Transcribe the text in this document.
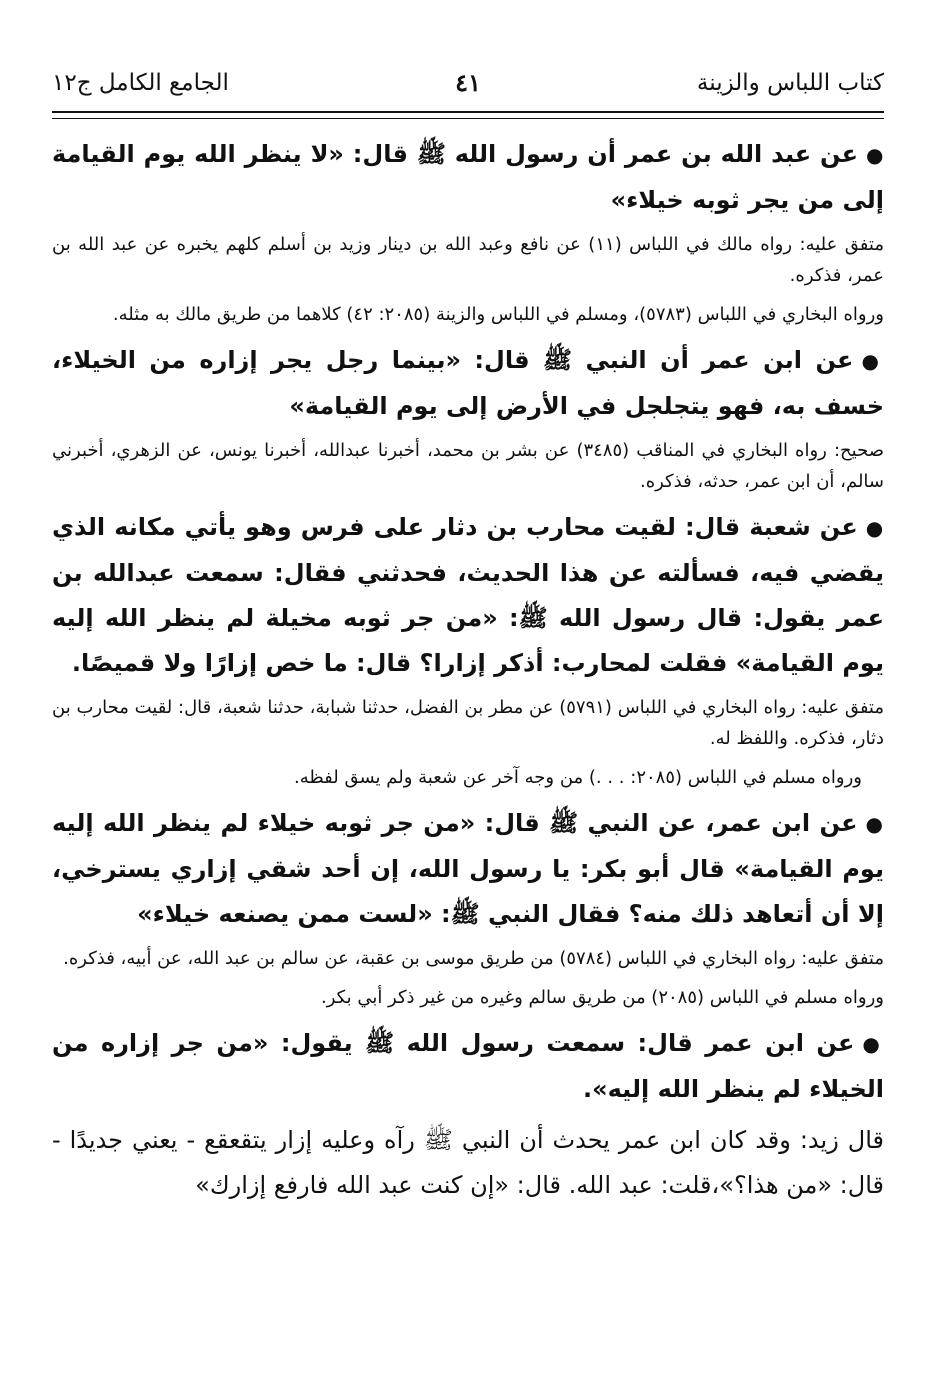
كتاب اللباس والزينة
٤١
الجامع الكامل ج١٢

●عن عبد الله بن عمر أن رسول الله ﷺ قال: «لا ينظر الله يوم القيامة إلى من يجر ثوبه خيلاء»

متفق عليه: رواه مالك في اللباس (١١) عن نافع وعبد الله بن دينار وزيد بن أسلم كلهم يخبره عن عبد الله بن عمر، فذكره.

ورواه البخاري في اللباس (٥٧٨٣)، ومسلم في اللباس والزينة (٢٠٨٥: ٤٢) كلاهما من طريق مالك به مثله.

●عن ابن عمر أن النبي ﷺ قال: «بينما رجل يجر إزاره من الخيلاء، خسف به، فهو يتجلجل في الأرض إلى يوم القيامة»

صحيح: رواه البخاري في المناقب (٣٤٨٥) عن بشر بن محمد، أخبرنا عبدالله، أخبرنا يونس، عن الزهري، أخبرني سالم، أن ابن عمر، حدثه، فذكره.

●عن شعبة قال: لقيت محارب بن دثار على فرس وهو يأتي مكانه الذي يقضي فيه، فسألته عن هذا الحديث، فحدثني فقال: سمعت عبدالله بن عمر يقول: قال رسول الله ﷺ: «من جر ثوبه مخيلة لم ينظر الله إليه يوم القيامة» فقلت لمحارب: أذكر إزارا؟ قال: ما خص إزارًا ولا قميصًا.

متفق عليه: رواه البخاري في اللباس (٥٧٩١) عن مطر بن الفضل، حدثنا شبابة، حدثنا شعبة، قال: لقيت محارب بن دثار، فذكره. واللفظ له.

ورواه مسلم في اللباس (٢٠٨٥: . . .) من وجه آخر عن شعبة ولم يسق لفظه.

●عن ابن عمر، عن النبي ﷺ قال: «من جر ثوبه خيلاء لم ينظر الله إليه يوم القيامة» قال أبو بكر: يا رسول الله، إن أحد شقي إزاري يسترخي، إلا أن أتعاهد ذلك منه؟ فقال النبي ﷺ: «لست ممن يصنعه خيلاء»

متفق عليه: رواه البخاري في اللباس (٥٧٨٤) من طريق موسى بن عقبة، عن سالم بن عبد الله، عن أبيه، فذكره.

ورواه مسلم في اللباس (٢٠٨٥) من طريق سالم وغيره من غير ذكر أبي بكر.

●عن ابن عمر قال: سمعت رسول الله ﷺ يقول: «من جر إزاره من الخيلاء لم ينظر الله إليه».

قال زيد: وقد كان ابن عمر يحدث أن النبي ﷺ رآه وعليه إزار يتقعقع - يعني جديدًا - قال: «من هذا؟»،قلت: عبد الله. قال: «إن كنت عبد الله فارفع إزارك»
